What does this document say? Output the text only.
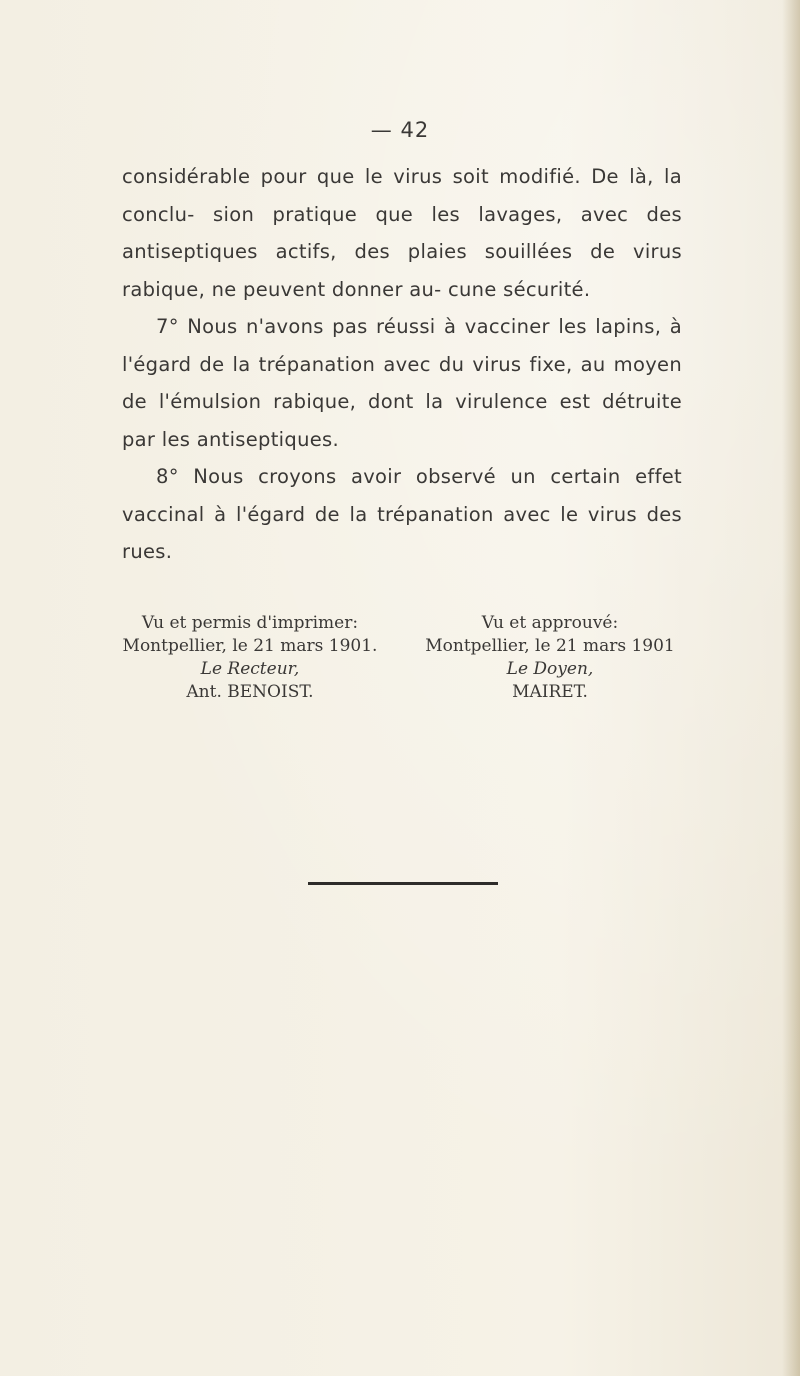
— 42

considérable pour que le virus soit modifié. De là, la conclu- sion pratique que les lavages, avec des antiseptiques actifs, des plaies souillées de virus rabique, ne peuvent donner au- cune sécurité.

7° Nous n'avons pas réussi à vacciner les lapins, à l'égard de la trépanation avec du virus fixe, au moyen de l'émulsion rabique, dont la virulence est détruite par les antiseptiques.

8° Nous croyons avoir observé un certain effet vaccinal à l'égard de la trépanation avec le virus des rues.

Vu et permis d'imprimer:
Montpellier, le 21 mars 1901.
Le Recteur,
Ant. BENOIST.
Vu et approuvé:
Montpellier, le 21 mars 1901
Le Doyen,
MAIRET.
